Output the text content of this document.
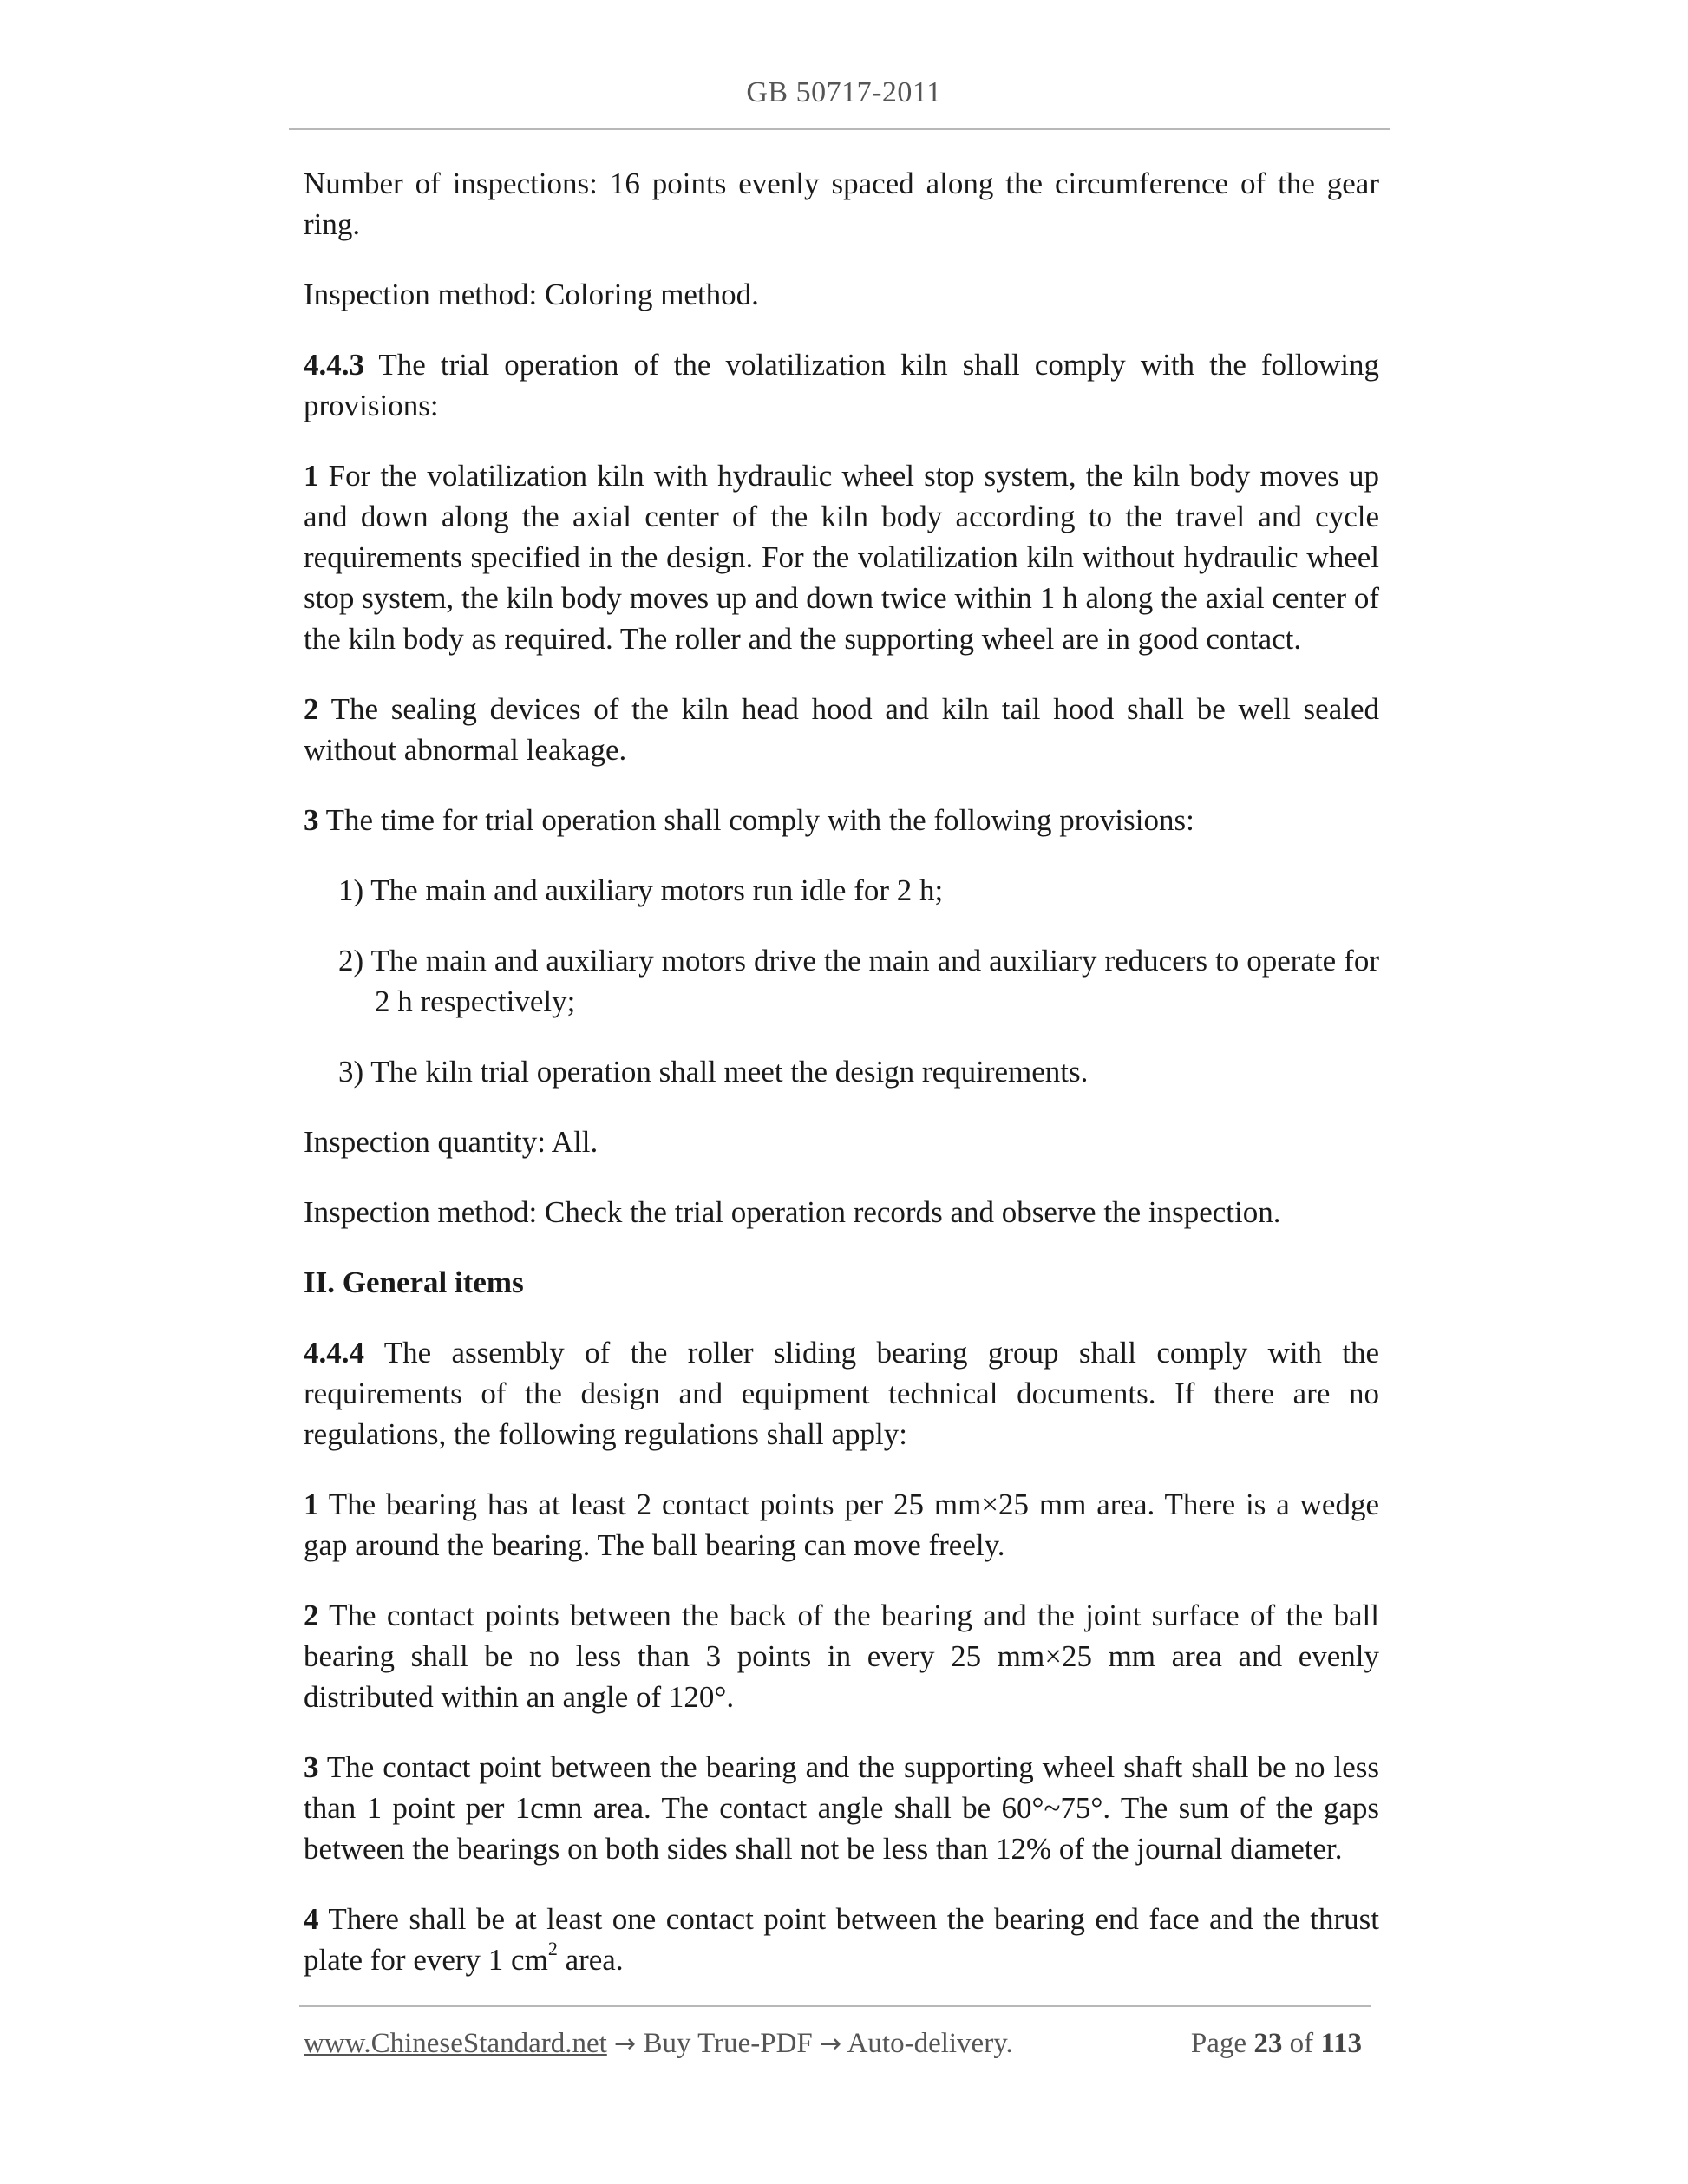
GB 50717-2011

Number of inspections: 16 points evenly spaced along the circumference of the gear ring.

Inspection method: Coloring method.

4.4.3 The trial operation of the volatilization kiln shall comply with the following provisions:

1 For the volatilization kiln with hydraulic wheel stop system, the kiln body moves up and down along the axial center of the kiln body according to the travel and cycle requirements specified in the design. For the volatilization kiln without hydraulic wheel stop system, the kiln body moves up and down twice within 1 h along the axial center of the kiln body as required. The roller and the supporting wheel are in good contact.

2 The sealing devices of the kiln head hood and kiln tail hood shall be well sealed without abnormal leakage.

3 The time for trial operation shall comply with the following provisions:

1) The main and auxiliary motors run idle for 2 h;

2) The main and auxiliary motors drive the main and auxiliary reducers to operate for 2 h respectively;

3) The kiln trial operation shall meet the design requirements.

Inspection quantity: All.

Inspection method: Check the trial operation records and observe the inspection.

II. General items

4.4.4 The assembly of the roller sliding bearing group shall comply with the requirements of the design and equipment technical documents. If there are no regulations, the following regulations shall apply:

1 The bearing has at least 2 contact points per 25 mm×25 mm area. There is a wedge gap around the bearing. The ball bearing can move freely.

2 The contact points between the back of the bearing and the joint surface of the ball bearing shall be no less than 3 points in every 25 mm×25 mm area and evenly distributed within an angle of 120°.

3 The contact point between the bearing and the supporting wheel shaft shall be no less than 1 point per 1cmn area. The contact angle shall be 60°~75°. The sum of the gaps between the bearings on both sides shall not be less than 12% of the journal diameter.

4 There shall be at least one contact point between the bearing end face and the thrust plate for every 1 $cm^2$ area.

www.ChineseStandard.net → Buy True-PDF → Auto-delivery.	Page 23 of 113
